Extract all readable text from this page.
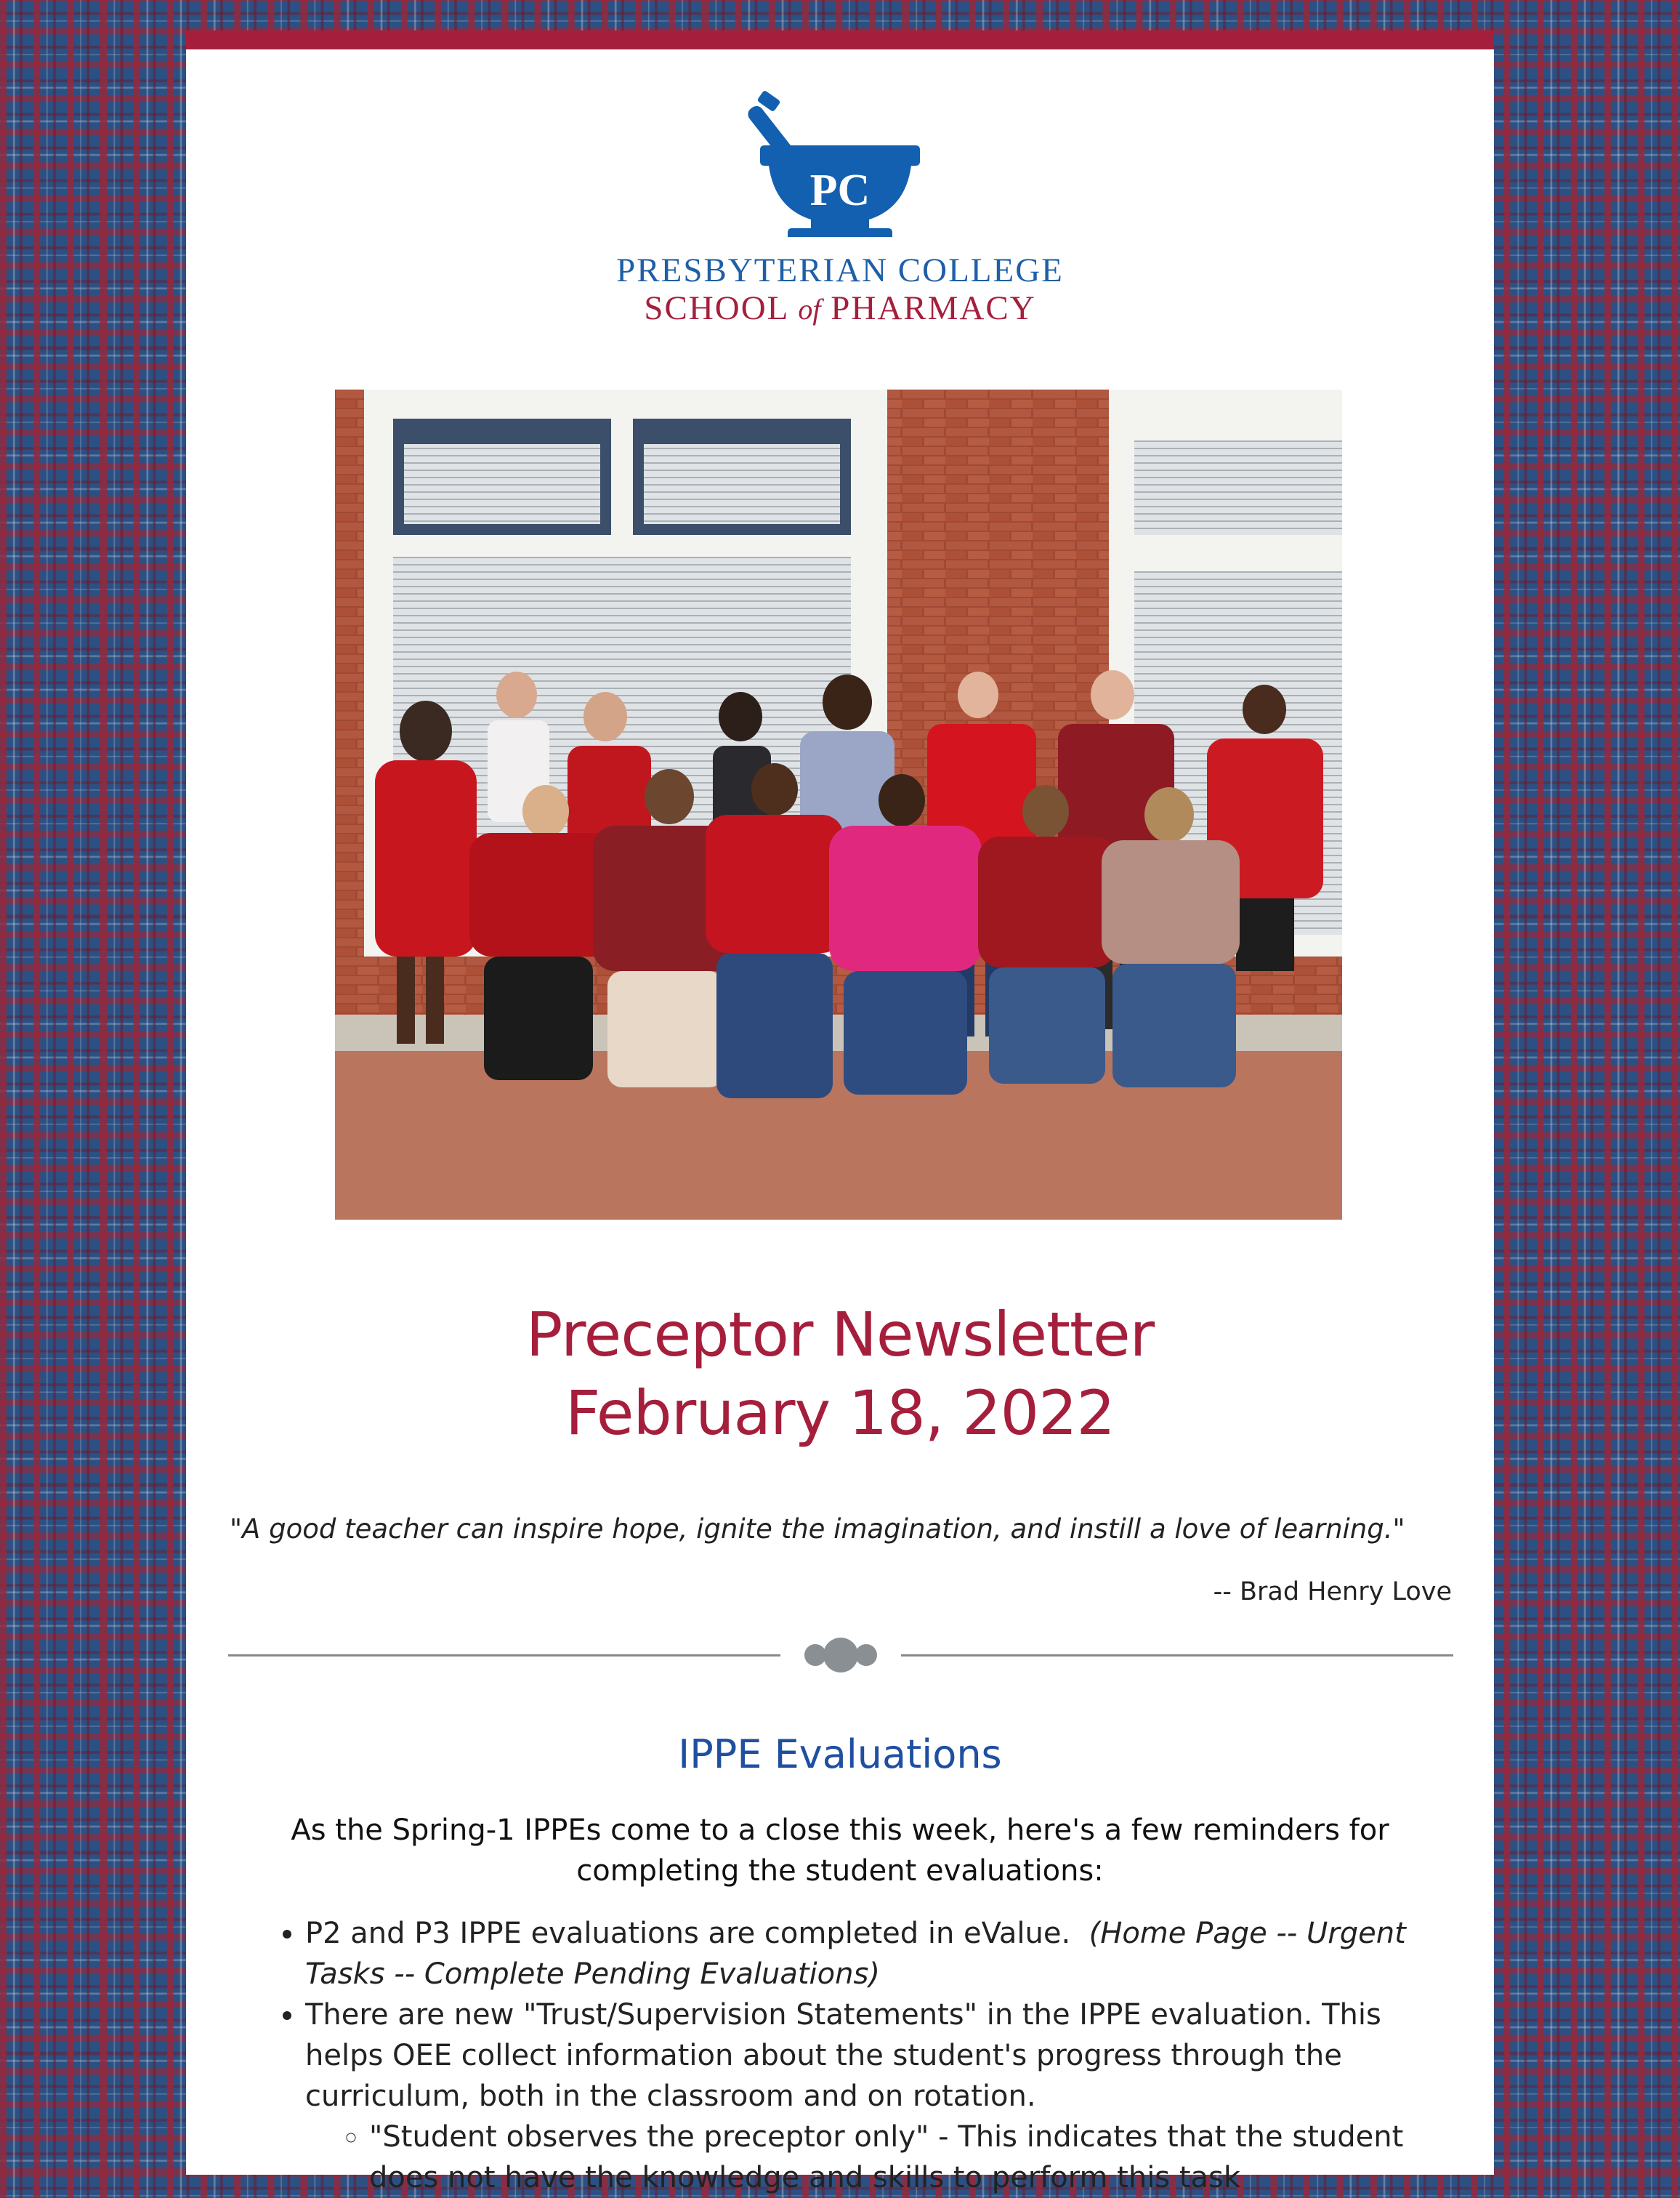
PC
PRESBYTERIAN COLLEGE
SCHOOL of PHARMACY
Preceptor Newsletter
February 18, 2022
"A good teacher can inspire hope, ignite the imagination, and instill a love of learning."
-- Brad Henry Love
IPPE Evaluations
As the Spring-1 IPPEs come to a close this week, here's a few reminders for completing the student evaluations:
• P2 and P3 IPPE evaluations are completed in eValue. (Home Page -- Urgent Tasks -- Complete Pending Evaluations)
• There are new "Trust/Supervision Statements" in the IPPE evaluation. This helps OEE collect information about the student's progress through the curriculum, both in the classroom and on rotation.
◦ "Student observes the preceptor only" - This indicates that the student does not have the knowledge and skills to perform this task
